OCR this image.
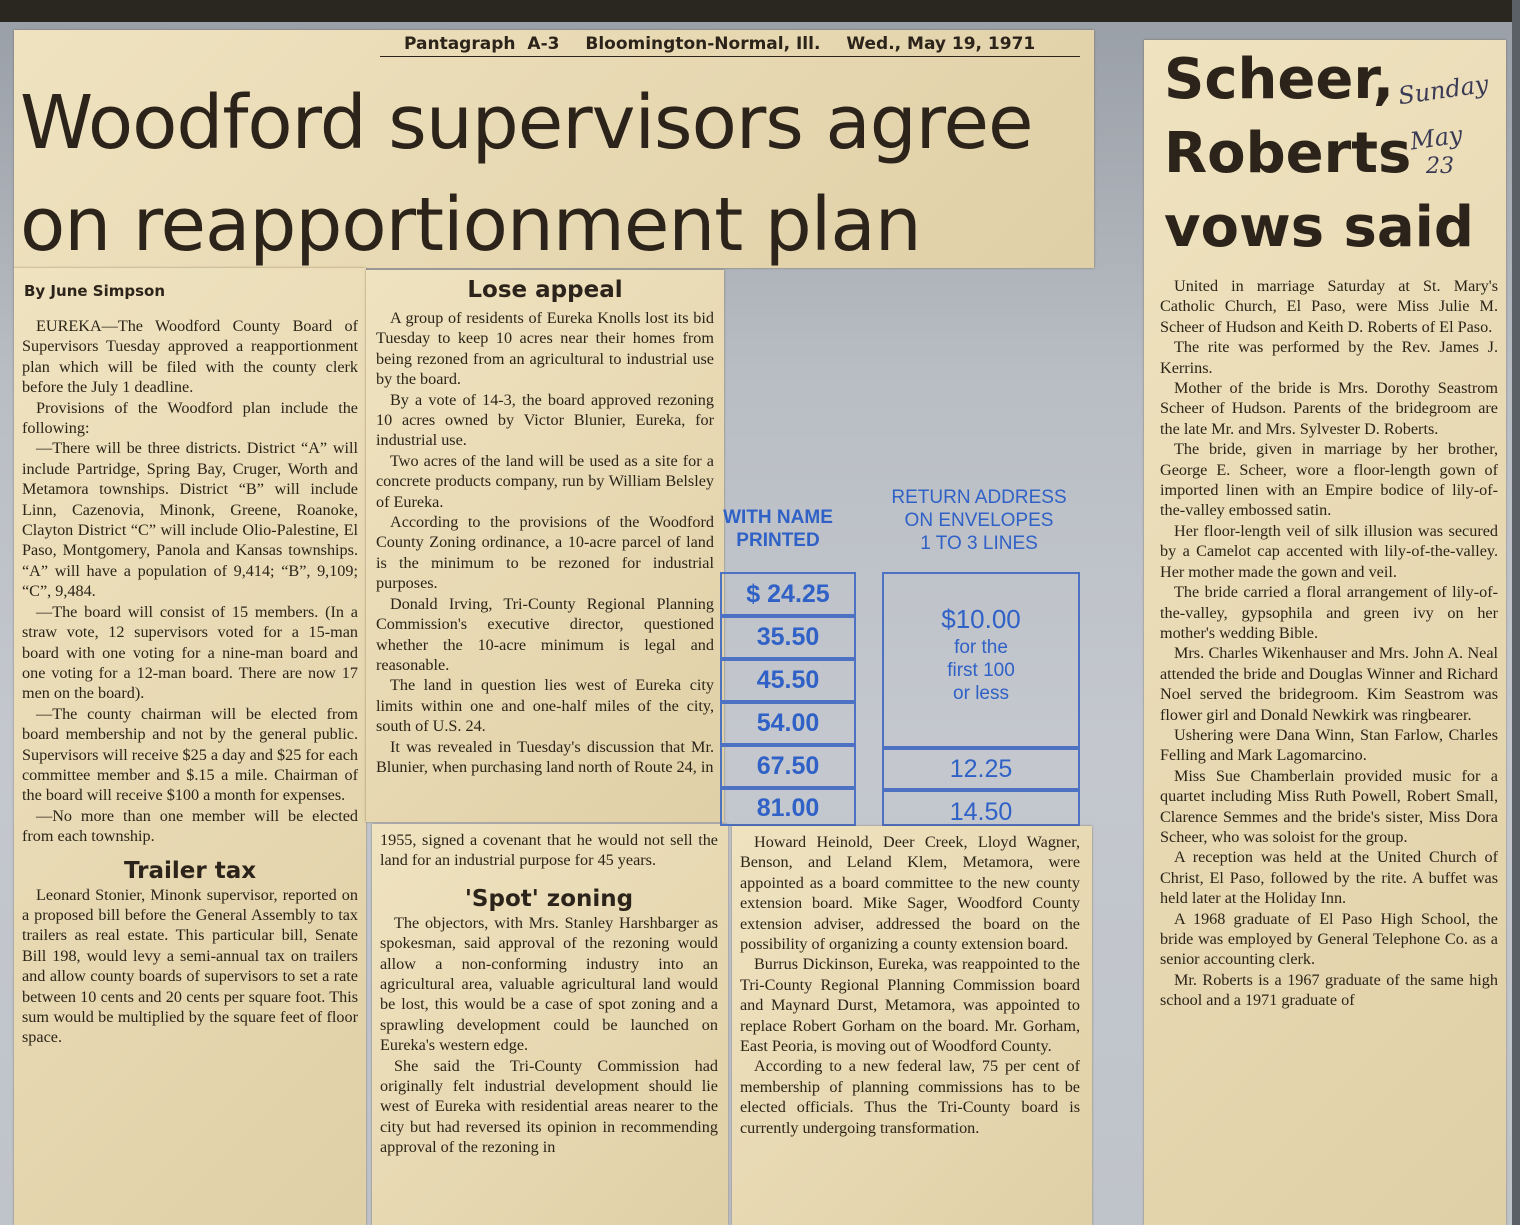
Pantagraph A-3 Bloomington-Normal, Ill. Wed., May 19, 1971
Woodford supervisors agree
on reapportionment plan
By June Simpson

EUREKA—The Woodford County Board of Supervisors Tuesday approved a reapportionment plan which will be filed with the county clerk before the July 1 deadline.

Provisions of the Woodford plan include the following:

—There will be three districts. District “A” will include Partridge, Spring Bay, Cruger, Worth and Metamora townships. District “B” will include Linn, Cazenovia, Minonk, Greene, Roanoke, Clayton District “C” will include Olio-Palestine, El Paso, Montgomery, Panola and Kansas townships. “A” will have a population of 9,414; “B”, 9,109; “C”, 9,484.

—The board will consist of 15 members. (In a straw vote, 12 supervisors voted for a 15-man board with one voting for a nine-man board and one voting for a 12-man board. There are now 17 men on the board).

—The county chairman will be elected from board membership and not by the general public. Supervisors will receive $25 a day and $25 for each committee member and $.15 a mile. Chairman of the board will receive $100 a month for expenses.

—No more than one member will be elected from each township.

Trailer tax

Leonard Stonier, Minonk supervisor, reported on a proposed bill before the General Assembly to tax trailers as real estate. This particular bill, Senate Bill 198, would levy a semi-annual tax on trailers and allow county boards of supervisors to set a rate between 10 cents and 20 cents per square foot. This sum would be multiplied by the square feet of floor space.

Lose appeal

A group of residents of Eureka Knolls lost its bid Tuesday to keep 10 acres near their homes from being rezoned from an agricultural to industrial use by the board.

By a vote of 14-3, the board approved rezoning 10 acres owned by Victor Blunier, Eureka, for industrial use.

Two acres of the land will be used as a site for a concrete products company, run by William Belsley of Eureka.

According to the provisions of the Woodford County Zoning ordinance, a 10-acre parcel of land is the minimum to be rezoned for industrial purposes.

Donald Irving, Tri-County Regional Planning Commission's executive director, questioned whether the 10-acre minimum is legal and reasonable.

The land in question lies west of Eureka city limits within one and one-half miles of the city, south of U.S. 24.

It was revealed in Tuesday's discussion that Mr. Blunier, when purchasing land north of Route 24, in

1955, signed a covenant that he would not sell the land for an industrial purpose for 45 years.

'Spot' zoning

The objectors, with Mrs. Stanley Harshbarger as spokesman, said approval of the rezoning would allow a non-conforming industry into an agricultural area, valuable agricultural land would be lost, this would be a case of spot zoning and a sprawling development could be launched on Eureka's western edge.

She said the Tri-County Commission had originally felt industrial development should lie west of Eureka with residential areas nearer to the city but had reversed its opinion in recommending approval of the rezoning in

WITH NAME
PRINTED
RETURN ADDRESS
ON ENVELOPES
1 TO 3 LINES
$ 24.25
35.50
45.50
54.00
67.50
81.00
$10.00
for the
first 100
or less
12.25
14.50

Howard Heinold, Deer Creek, Lloyd Wagner, Benson, and Leland Klem, Metamora, were appointed as a board committee to the new county extension board. Mike Sager, Woodford County extension adviser, addressed the board on the possibility of organizing a county extension board.

Burrus Dickinson, Eureka, was reappointed to the Tri-County Regional Planning Commission board and Maynard Durst, Metamora, was appointed to replace Robert Gorham on the board. Mr. Gorham, East Peoria, is moving out of Woodford County.

According to a new federal law, 75 per cent of membership of planning commissions has to be elected officials. Thus the Tri-County board is currently undergoing transformation.

Scheer,
Roberts
vows said
Sunday
May
23

United in marriage Saturday at St. Mary's Catholic Church, El Paso, were Miss Julie M. Scheer of Hudson and Keith D. Roberts of El Paso.

The rite was performed by the Rev. James J. Kerrins.

Mother of the bride is Mrs. Dorothy Seastrom Scheer of Hudson. Parents of the bridegroom are the late Mr. and Mrs. Sylvester D. Roberts.

The bride, given in marriage by her brother, George E. Scheer, wore a floor-length gown of imported linen with an Empire bodice of lily-of-the-valley embossed satin.

Her floor-length veil of silk illusion was secured by a Camelot cap accented with lily-of-the-valley. Her mother made the gown and veil.

The bride carried a floral arrangement of lily-of-the-valley, gypsophila and green ivy on her mother's wedding Bible.

Mrs. Charles Wikenhauser and Mrs. John A. Neal attended the bride and Douglas Winner and Richard Noel served the bridegroom. Kim Seastrom was flower girl and Donald Newkirk was ringbearer.

Ushering were Dana Winn, Stan Farlow, Charles Felling and Mark Lagomarcino.

Miss Sue Chamberlain provided music for a quartet including Miss Ruth Powell, Robert Small, Clarence Semmes and the bride's sister, Miss Dora Scheer, who was soloist for the group.

A reception was held at the United Church of Christ, El Paso, followed by the rite. A buffet was held later at the Holiday Inn.

A 1968 graduate of El Paso High School, the bride was employed by General Telephone Co. as a senior accounting clerk.

Mr. Roberts is a 1967 graduate of the same high school and a 1971 graduate of
